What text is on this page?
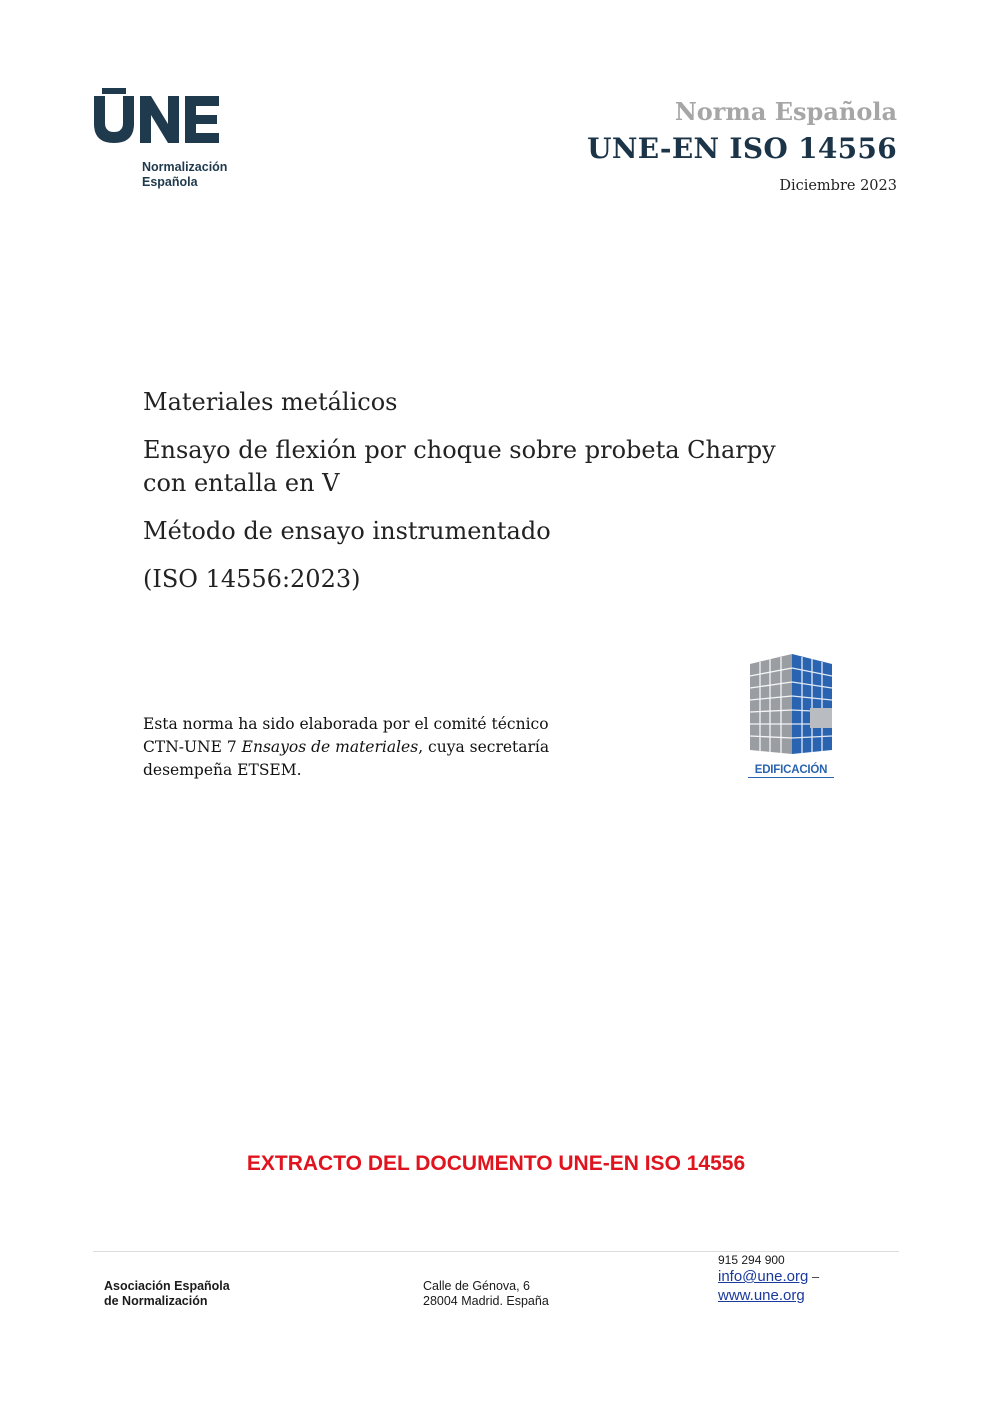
Normalización
Española
Norma Española
UNE-EN ISO 14556
Diciembre 2023
Materiales metálicos
Ensayo de flexión por choque sobre probeta Charpy
con entalla en V
Método de ensayo instrumentado
(ISO 14556:2023)
Esta norma ha sido elaborada por el comité técnico
CTN-UNE 7 Ensayos de materiales, cuya secretaría
desempeña ETSEM.	EDIFICACIÓN
EXTRACTO DEL DOCUMENTO UNE-EN ISO 14556
Asociación Española
de Normalización
Calle de Génova, 6
28004 Madrid. España
915 294 900
info@une.org –
www.une.org
